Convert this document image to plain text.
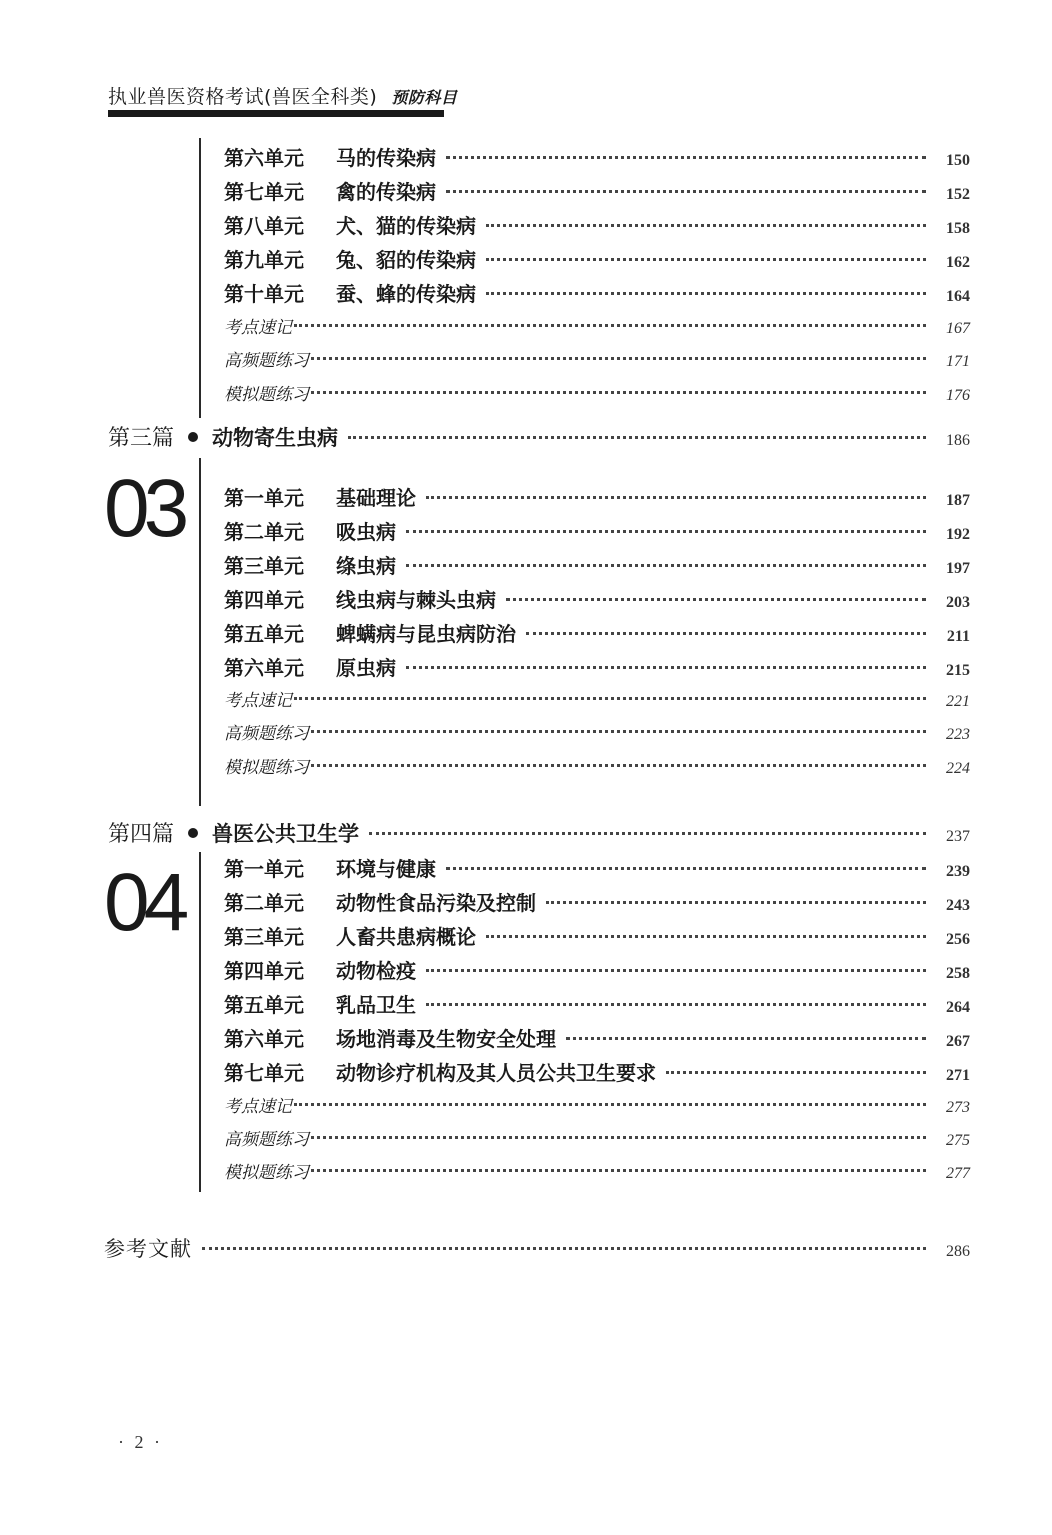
执业兽医资格考试(兽医全科类) 预防科目
第六单元	马的传染病	150
第七单元	禽的传染病	152
第八单元	犬、猫的传染病	158
第九单元	兔、貂的传染病	162
第十单元	蚕、蜂的传染病	164
考点速记	167
高频题练习	171
模拟题练习	176
第三篇 动物寄生虫病	186
03 第一单元	基础理论	187
第二单元	吸虫病	192
第三单元	绦虫病	197
第四单元	线虫病与棘头虫病	203
第五单元	蜱螨病与昆虫病防治	211
第六单元	原虫病	215
考点速记	221
高频题练习	223
模拟题练习	224
第四篇 兽医公共卫生学	237
04 第一单元	环境与健康	239
第二单元	动物性食品污染及控制	243
第三单元	人畜共患病概论	256
第四单元	动物检疫	258
第五单元	乳品卫生	264
第六单元	场地消毒及生物安全处理	267
第七单元	动物诊疗机构及其人员公共卫生要求	271
考点速记	273
高频题练习	275
模拟题练习	277
参考文献	286
· 2 ·
